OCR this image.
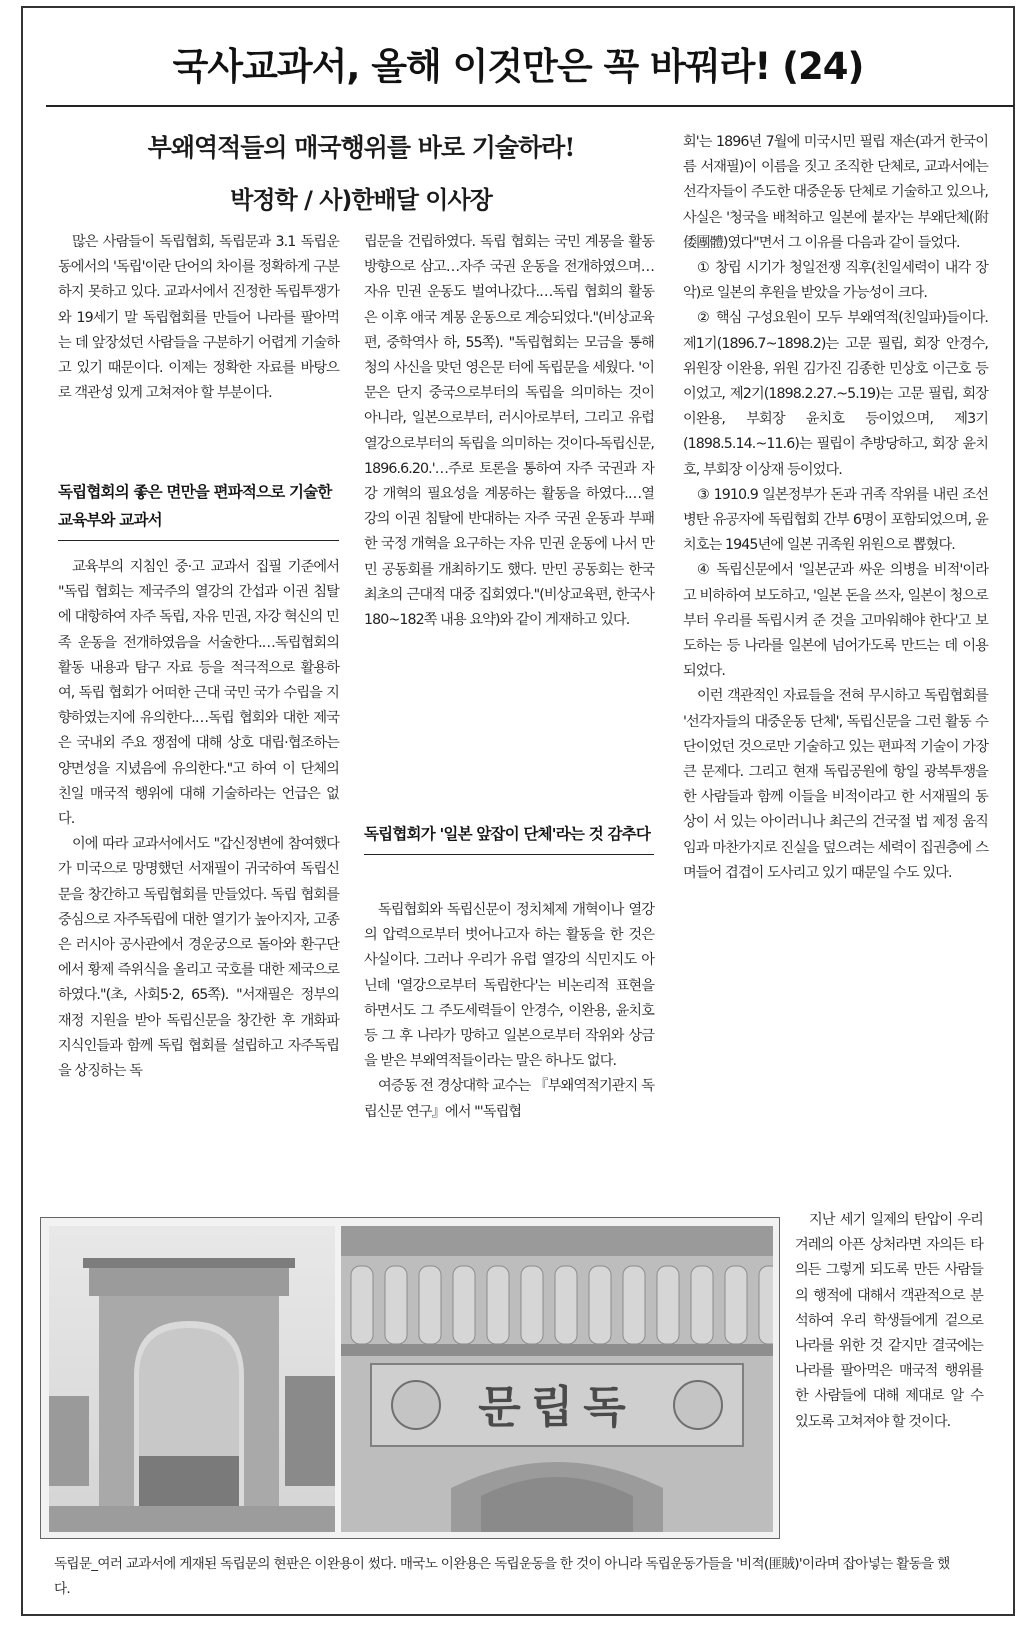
국사교과서, 올해 이것만은 꼭 바꿔라! (24)
부왜역적들의 매국행위를 바로 기술하라!
박정학 / 사)한배달 이사장

많은 사람들이 독립협회, 독립문과 3.1 독립운동에서의 '독립'이란 단어의 차이를 정확하게 구분하지 못하고 있다. 교과서에서 진정한 독립투쟁가와 19세기 말 독립협회를 만들어 나라를 팔아먹는 데 앞장섰던 사람들을 구분하기 어렵게 기술하고 있기 때문이다. 이제는 정확한 자료를 바탕으로 객관성 있게 고쳐져야 할 부분이다.

독립협회의 좋은 면만을 편파적으로 기술한 교육부와 교과서

교육부의 지침인 중·고 교과서 집필 기준에서 "독립 협회는 제국주의 열강의 간섭과 이권 침탈에 대항하여 자주 독립, 자유 민권, 자강 혁신의 민족 운동을 전개하였음을 서술한다.…독립협회의 활동 내용과 탐구 자료 등을 적극적으로 활용하여, 독립 협회가 어떠한 근대 국민 국가 수립을 지향하였는지에 유의한다.…독립 협회와 대한 제국은 국내외 주요 쟁점에 대해 상호 대립·협조하는 양면성을 지녔음에 유의한다."고 하여 이 단체의 친일 매국적 행위에 대해 기술하라는 언급은 없다.

이에 따라 교과서에서도 "갑신정변에 참여했다가 미국으로 망명했던 서재필이 귀국하여 독립신문을 창간하고 독립협회를 만들었다. 독립 협회를 중심으로 자주독립에 대한 열기가 높아지자, 고종은 러시아 공사관에서 경운궁으로 돌아와 환구단에서 황제 즉위식을 올리고 국호를 대한 제국으로 하였다."(초, 사회5·2, 65쪽). "서재필은 정부의 재정 지원을 받아 독립신문을 창간한 후 개화파 지식인들과 함께 독립 협회를 설립하고 자주독립을 상징하는 독

립문을 건립하였다. 독립 협회는 국민 계몽을 활동 방향으로 삼고…자주 국권 운동을 전개하였으며…자유 민권 운동도 벌여나갔다.…독립 협회의 활동은 이후 애국 계몽 운동으로 계승되었다."(비상교육편, 중학역사 하, 55쪽). "독립협회는 모금을 통해 청의 사신을 맞던 영은문 터에 독립문을 세웠다. '이 문은 단지 중국으로부터의 독립을 의미하는 것이 아니라, 일본으로부터, 러시아로부터, 그리고 유럽 열강으로부터의 독립을 의미하는 것이다-독립신문, 1896.6.20.'…주로 토론을 통하여 자주 국권과 자강 개혁의 필요성을 계몽하는 활동을 하였다.…열강의 이권 침탈에 반대하는 자주 국권 운동과 부패한 국정 개혁을 요구하는 자유 민권 운동에 나서 만민 공동회를 개최하기도 했다. 만민 공동회는 한국 최초의 근대적 대중 집회였다."(비상교육편, 한국사 180~182쪽 내용 요약)와 같이 게재하고 있다.

독립협회가 '일본 앞잡이 단체'라는 것 감추다

독립협회와 독립신문이 정치체제 개혁이나 열강의 압력으로부터 벗어나고자 하는 활동을 한 것은 사실이다. 그러나 우리가 유럽 열강의 식민지도 아닌데 '열강으로부터 독립한다'는 비논리적 표현을 하면서도 그 주도세력들이 안경수, 이완용, 윤치호 등 그 후 나라가 망하고 일본으로부터 작위와 상금을 받은 부왜역적들이라는 말은 하나도 없다.

여증동 전 경상대학 교수는 『부왜역적기관지 독립신문 연구』에서 "'독립협

회'는 1896년 7월에 미국시민 필립 재손(과거 한국이름 서재필)이 이름을 짓고 조직한 단체로, 교과서에는 선각자들이 주도한 대중운동 단체로 기술하고 있으나, 사실은 '청국을 배척하고 일본에 붙자'는 부왜단체(附倭團體)였다"면서 그 이유를 다음과 같이 들었다.

① 창립 시기가 청일전쟁 직후(친일세력이 내각 장악)로 일본의 후원을 받았을 가능성이 크다.

② 핵심 구성요원이 모두 부왜역적(친일파)들이다. 제1기(1896.7~1898.2)는 고문 필립, 회장 안경수, 위원장 이완용, 위원 김가진 김종한 민상호 이근호 등이었고, 제2기(1898.2.27.~5.19)는 고문 필립, 회장 이완용, 부회장 윤치호 등이었으며, 제3기(1898.5.14.~11.6)는 필립이 추방당하고, 회장 윤치호, 부회장 이상재 등이었다.

③ 1910.9 일본정부가 돈과 귀족 작위를 내린 조선병탄 유공자에 독립협회 간부 6명이 포함되었으며, 윤치호는 1945년에 일본 귀족원 위원으로 뽑혔다.

④ 독립신문에서 '일본군과 싸운 의병을 비적'이라고 비하하여 보도하고, '일본 돈을 쓰자, 일본이 청으로부터 우리를 독립시켜 준 것을 고마워해야 한다'고 보도하는 등 나라를 일본에 넘어가도록 만드는 데 이용되었다.

이런 객관적인 자료들을 전혀 무시하고 독립협회를 '선각자들의 대중운동 단체', 독립신문을 그런 활동 수단이었던 것으로만 기술하고 있는 편파적 기술이 가장 큰 문제다. 그리고 현재 독립공원에 항일 광복투쟁을 한 사람들과 함께 이들을 비적이라고 한 서재필의 동상이 서 있는 아이러니나 최근의 건국절 법 제정 움직임과 마찬가지로 진실을 덮으려는 세력이 집권층에 스며들어 겹겹이 도사리고 있기 때문일 수도 있다.

지난 세기 일제의 탄압이 우리 겨레의 아픈 상처라면 자의든 타의든 그렇게 되도록 만든 사람들의 행적에 대해서 객관적으로 분석하여 우리 학생들에게 겉으로 나라를 위한 것 같지만 결국에는 나라를 팔아먹은 매국적 행위를 한 사람들에 대해 제대로 알 수 있도록 고쳐져야 할 것이다.

문립독
독립문_여러 교과서에 게재된 독립문의 현판은 이완용이 썼다. 매국노 이완용은 독립운동을 한 것이 아니라 독립운동가들을 '비적(匪賊)'이라며 잡아넣는 활동을 했다.
